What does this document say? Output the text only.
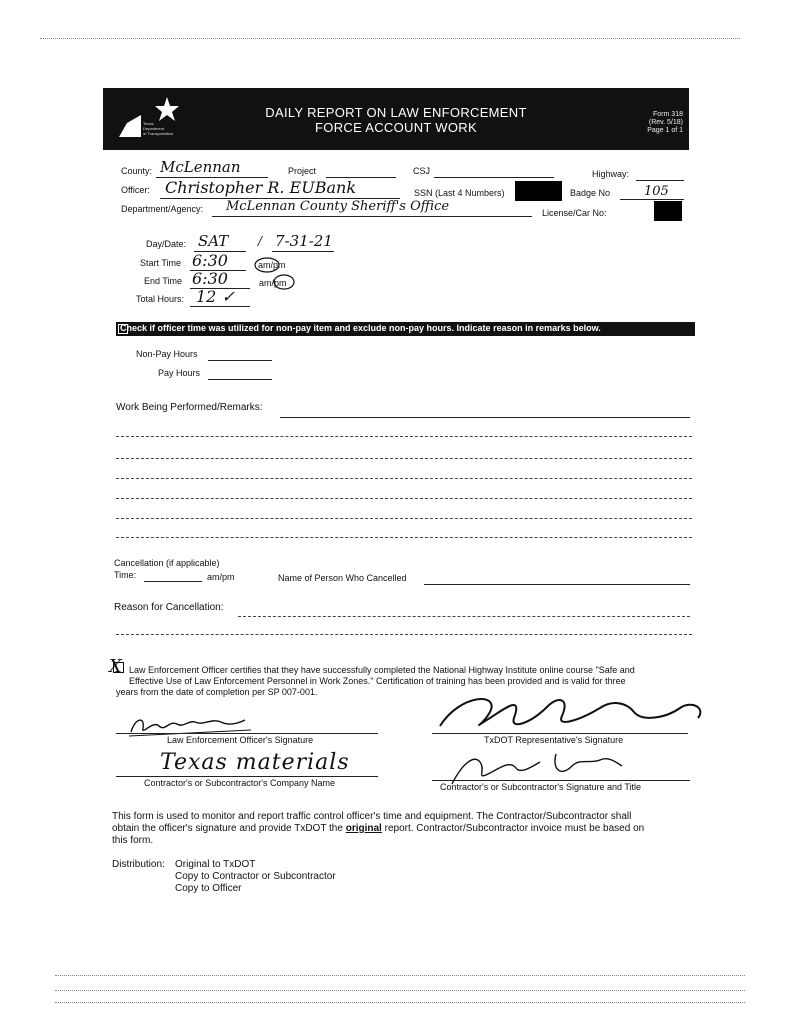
Texas
Department
of Transportation
DAILY REPORT ON LAW ENFORCEMENT
FORCE ACCOUNT WORK
Form 318
(Rev. 5/18)
Page 1 of 1
County: McLennan	Project	CSJ	Highway:
Officer: Christopher R. EUBank	SSN (Last 4 Numbers)	Badge No	105
Department/Agency: McLennan County Sheriff's Office	License/Car No:
Day/Date: SAT / 7-31-21
Start Time 6:30	am/pm
End Time 6:30	am/pm
Total Hours: 12 ✓
Check if officer time was utilized for non-pay item and exclude non-pay hours. Indicate reason in remarks below.
Non-Pay Hours
Pay Hours
Work Being Performed/Remarks:
Cancellation (if applicable)
Time:	am/pm	Name of Person Who Cancelled
Reason for Cancellation:
X Law Enforcement Officer certifies that they have successfully completed the National Highway Institute online course "Safe and
Effective Use of Law Enforcement Personnel in Work Zones." Certification of training has been provided and is valid for three
years from the date of completion per SP 007-001.
Law Enforcement Officer's Signature	TxDOT Representative's Signature
Texas materials
Contractor's or Subcontractor's Company Name	Contractor's or Subcontractor's Signature and Title
This form is used to monitor and report traffic control officer's time and equipment. The Contractor/Subcontractor shall
obtain the officer's signature and provide TxDOT the original report. Contractor/Subcontractor invoice must be based on
this form.
Distribution: Original to TxDOT
Copy to Contractor or Subcontractor
Copy to Officer
